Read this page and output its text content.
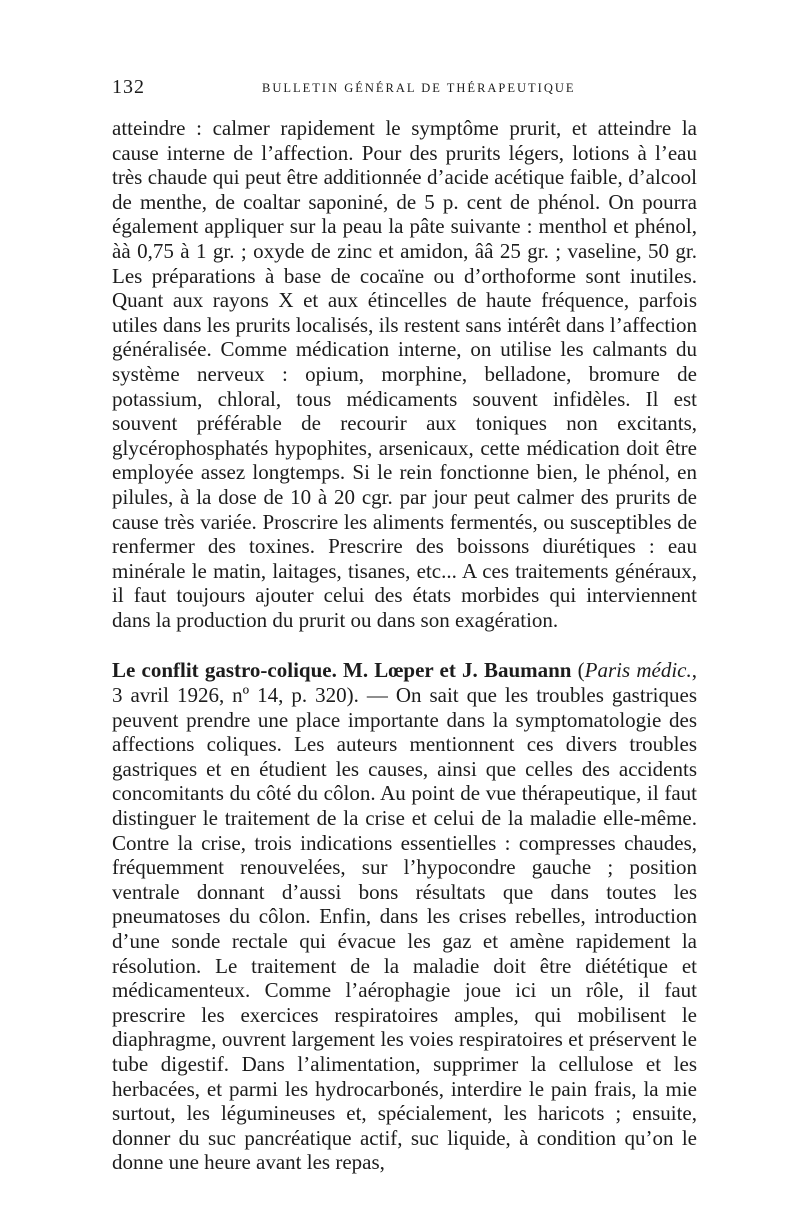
132	BULLETIN GÉNÉRAL DE THÉRAPEUTIQUE

atteindre : calmer rapidement le symptôme prurit, et atteindre la cause interne de l’affection. Pour des prurits légers, lotions à l’eau très chaude qui peut être additionnée d’acide acétique faible, d’alcool de menthe, de coaltar saponiné, de 5 p. cent de phénol. On pourra également appliquer sur la peau la pâte suivante : menthol et phénol, àà 0,75 à 1 gr. ; oxyde de zinc et amidon, ââ 25 gr. ; vaseline, 50 gr. Les préparations à base de cocaïne ou d’orthoforme sont inutiles. Quant aux rayons X et aux étincelles de haute fréquence, parfois utiles dans les prurits localisés, ils restent sans intérêt dans l’affection généralisée. Comme médication interne, on utilise les calmants du système nerveux : opium, morphine, belladone, bromure de potassium, chloral, tous médicaments souvent infidèles. Il est souvent préférable de recourir aux toniques non excitants, glycérophosphatés hypophites, arsenicaux, cette médication doit être employée assez longtemps. Si le rein fonctionne bien, le phénol, en pilules, à la dose de 10 à 20 cgr. par jour peut calmer des prurits de cause très variée. Proscrire les aliments fermentés, ou susceptibles de renfermer des toxines. Prescrire des boissons diurétiques : eau minérale le matin, laitages, tisanes, etc... A ces traitements généraux, il faut toujours ajouter celui des états morbides qui interviennent dans la production du prurit ou dans son exagération.

Le conflit gastro-colique. M. Lœper et J. Baumann (Paris médic., 3 avril 1926, nº 14, p. 320). — On sait que les troubles gastriques peuvent prendre une place importante dans la symptomatologie des affections coliques. Les auteurs mentionnent ces divers troubles gastriques et en étudient les causes, ainsi que celles des accidents concomitants du côté du côlon. Au point de vue thérapeutique, il faut distinguer le traitement de la crise et celui de la maladie elle-même. Contre la crise, trois indications essentielles : compresses chaudes, fréquemment renouvelées, sur l’hypocondre gauche ; position ventrale donnant d’aussi bons résultats que dans toutes les pneumatoses du côlon. Enfin, dans les crises rebelles, introduction d’une sonde rectale qui évacue les gaz et amène rapidement la résolution. Le traitement de la maladie doit être diététique et médicamenteux. Comme l’aérophagie joue ici un rôle, il faut prescrire les exercices respiratoires amples, qui mobilisent le diaphragme, ouvrent largement les voies respiratoires et préservent le tube digestif. Dans l’alimentation, supprimer la cellulose et les herbacées, et parmi les hydrocarbonés, interdire le pain frais, la mie surtout, les légumineuses et, spécialement, les haricots ; ensuite, donner du suc pancréatique actif, suc liquide, à condition qu’on le donne une heure avant les repas,
